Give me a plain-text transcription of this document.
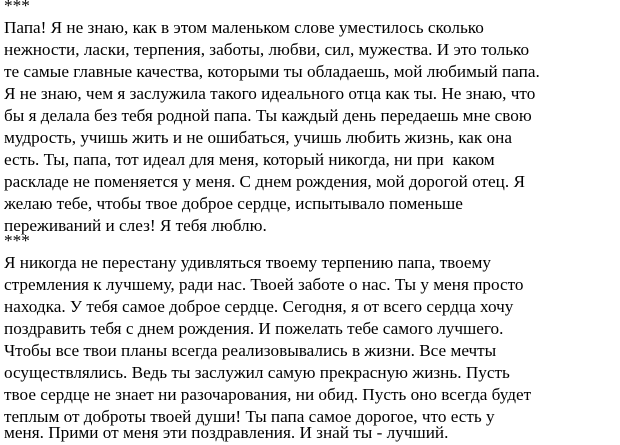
***
Папа! Я не знаю, как в этом маленьком слове уместилось сколько
нежности, ласки, терпения, заботы, любви, сил, мужества. И это только
те самые главные качества, которыми ты обладаешь, мой любимый папа.
Я не знаю, чем я заслужила такого идеального отца как ты. Не знаю, что
бы я делала без тебя родной папа. Ты каждый день передаешь мне свою
мудрость, учишь жить и не ошибаться, учишь любить жизнь, как она
есть. Ты, папа, тот идеал для меня, который никогда, ни при  каком
раскладе не поменяется у меня. С днем рождения, мой дорогой отец. Я
желаю тебе, чтобы твое доброе сердце, испытывало поменьше
переживаний и слез! Я тебя люблю.
***
Я никогда не перестану удивляться твоему терпению папа, твоему
стремления к лучшему, ради нас. Твоей заботе о нас. Ты у меня просто
находка. У тебя самое доброе сердце. Сегодня, я от всего сердца хочу
поздравить тебя с днем рождения. И пожелать тебе самого лучшего.
Чтобы все твои планы всегда реализовывались в жизни. Все мечты
осуществлялись. Ведь ты заслужил самую прекрасную жизнь. Пусть
твое сердце не знает ни разочарования, ни обид. Пусть оно всегда будет
теплым от доброты твоей души! Ты папа самое дорогое, что есть у
меня. Прими от меня эти поздравления. И знай ты - лучший.
